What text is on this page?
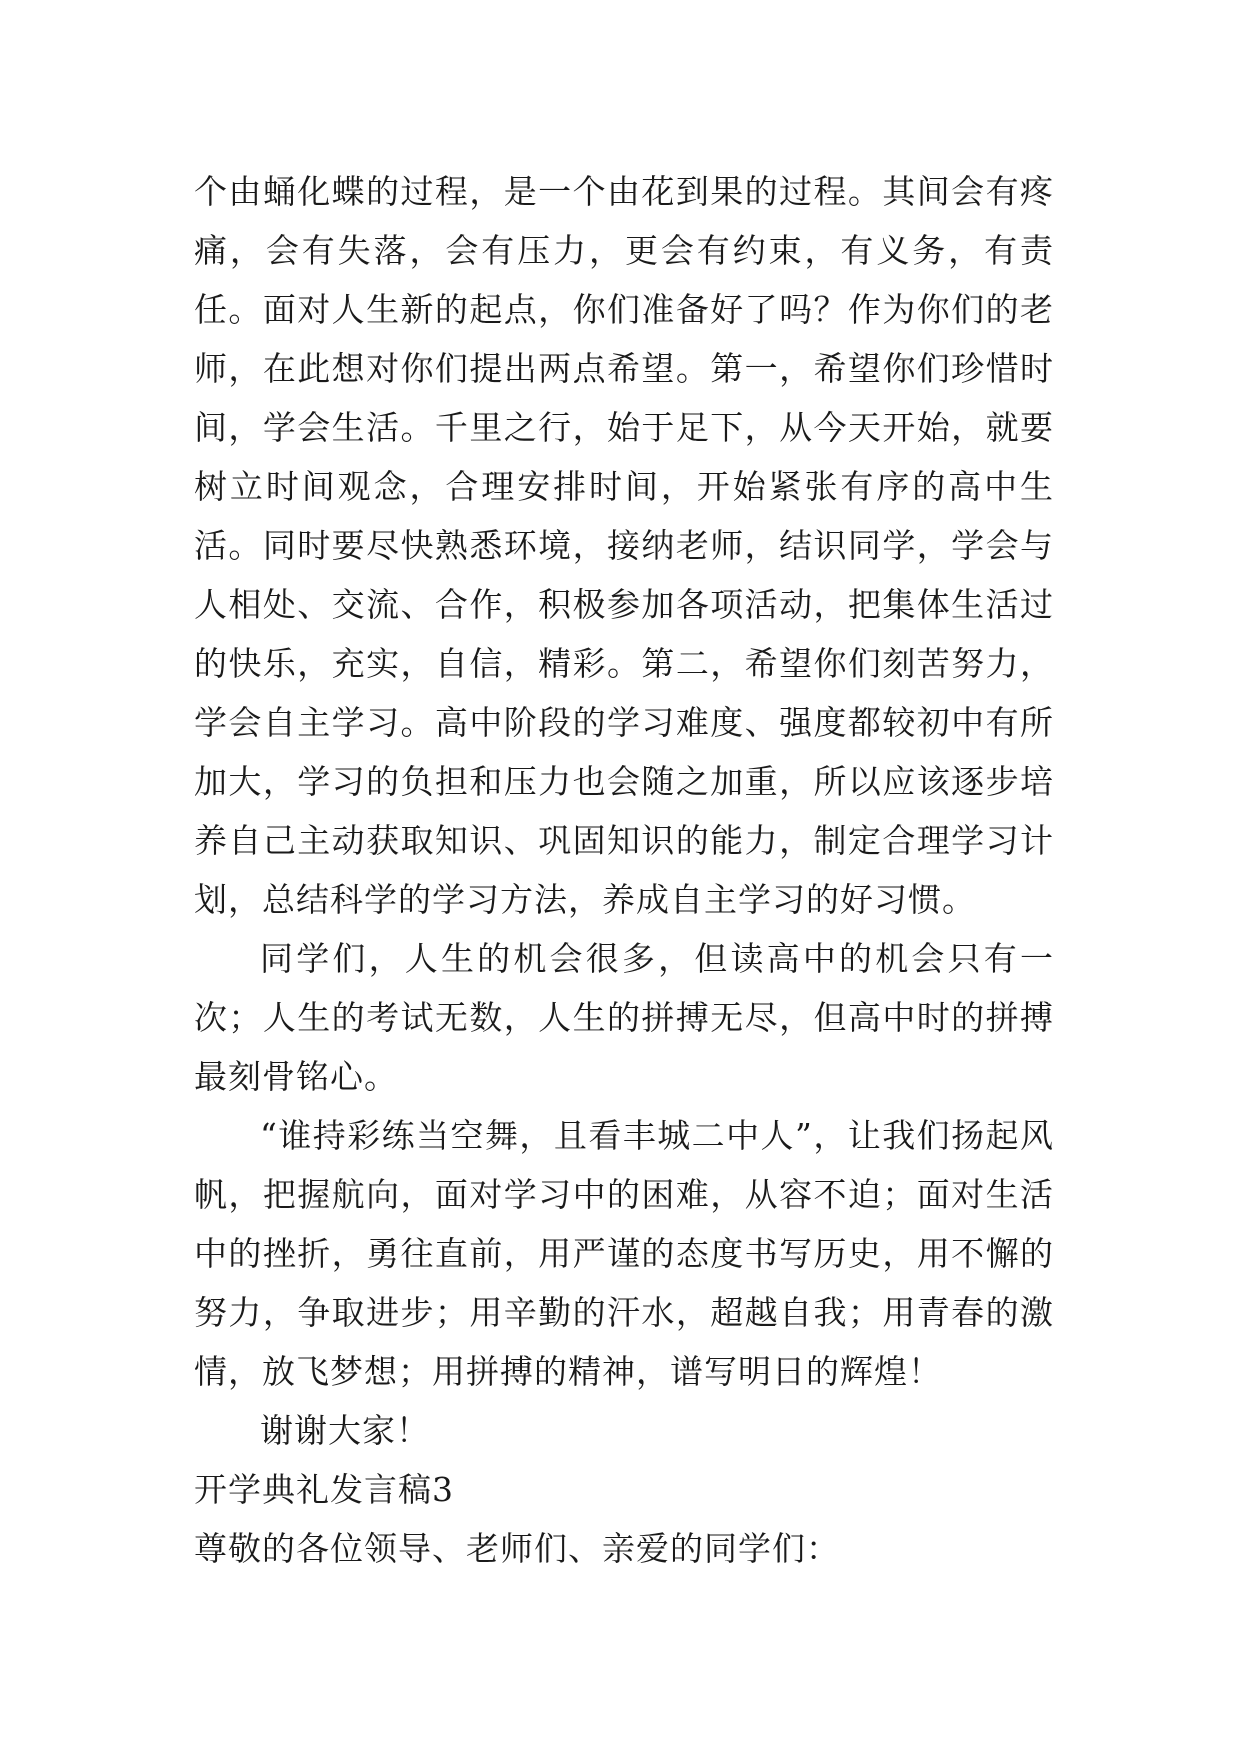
个由蛹化蝶的过程，是一个由花到果的过程。其间会有疼痛，会有失落，会有压力，更会有约束，有义务，有责任。面对人生新的起点，你们准备好了吗？作为你们的老师，在此想对你们提出两点希望。第一，希望你们珍惜时间，学会生活。千里之行，始于足下，从今天开始，就要树立时间观念，合理安排时间，开始紧张有序的高中生活。同时要尽快熟悉环境，接纳老师，结识同学，学会与人相处、交流、合作，积极参加各项活动，把集体生活过的快乐，充实，自信，精彩。第二，希望你们刻苦努力，学会自主学习。高中阶段的学习难度、强度都较初中有所加大，学习的负担和压力也会随之加重，所以应该逐步培养自己主动获取知识、巩固知识的能力，制定合理学习计划，总结科学的学习方法，养成自主学习的好习惯。

同学们，人生的机会很多，但读高中的机会只有一次；人生的考试无数，人生的拼搏无尽，但高中时的拼搏最刻骨铭心。

“谁持彩练当空舞，且看丰城二中人”，让我们扬起风帆，把握航向，面对学习中的困难，从容不迫；面对生活中的挫折，勇往直前，用严谨的态度书写历史，用不懈的努力，争取进步；用辛勤的汗水，超越自我；用青春的激情，放飞梦想；用拼搏的精神，谱写明日的辉煌！

谢谢大家！

开学典礼发言稿3

尊敬的各位领导、老师们、亲爱的同学们：
